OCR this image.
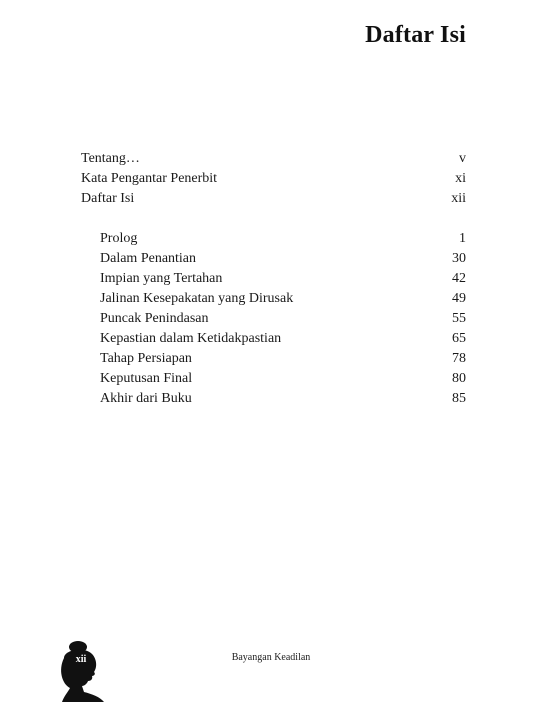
Daftar Isi
Tentang…	v
Kata Pengantar Penerbit	xi
Daftar Isi	xii
Prolog	1
Dalam Penantian	30
Impian yang Tertahan	42
Jalinan Kesepakatan yang Dirusak	49
Puncak Penindasan	55
Kepastian dalam Ketidakpastian	65
Tahap Persiapan	78
Keputusan Final	80
Akhir dari Buku	85
xii	Bayangan Keadilan
